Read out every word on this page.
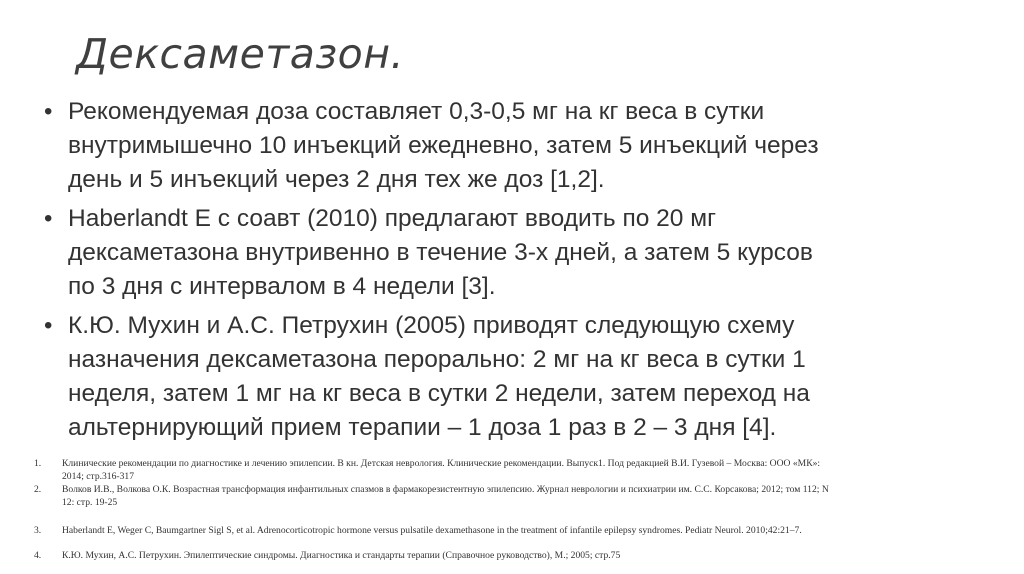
Дексаметазон.
• Рекомендуемая доза составляет 0,3-0,5 мг на кг веса в сутки
внутримышечно 10 инъекций ежедневно, затем 5 инъекций через
день и 5 инъекций через 2 дня тех же доз [1,2].
• Haberlandt E с соавт (2010) предлагают вводить по 20 мг
дексаметазона внутривенно в течение 3-х дней, а затем 5 курсов
по 3 дня с интервалом в 4 недели [3].
• К.Ю. Мухин и А.С. Петрухин (2005) приводят следующую схему
назначения дексаметазона перорально: 2 мг на кг веса в сутки 1
неделя, затем 1 мг на кг веса в сутки 2 недели, затем переход на
альтернирующий прием терапии – 1 доза 1 раз в 2 – 3 дня [4].
1. Клинические рекомендации по диагностике и лечению эпилепсии. В кн. Детская неврология. Клинические рекомендации. Выпуск1. Под редакцией В.И. Гузевой – Москва: ООО «МК»:
2014; стр.316-317
2. Волков И.В., Волкова О.К. Возрастная трансформация инфантильных спазмов в фармакорезистентную эпилепсию. Журнал неврологии и психиатрии им. С.С. Корсакова; 2012; том 112; N
12: стр. 19-25
3. Haberlandt E, Weger C, Baumgartner Sigl S, et al. Adrenocorticotropic hormone versus pulsatile dexamethasone in the treatment of infantile epilepsy syndromes. Pediatr Neurol. 2010;42:21–7.
4. К.Ю. Мухин, А.С. Петрухин. Эпилептические синдромы. Диагностика и стандарты терапии (Справочное руководство), М.; 2005; стр.75
